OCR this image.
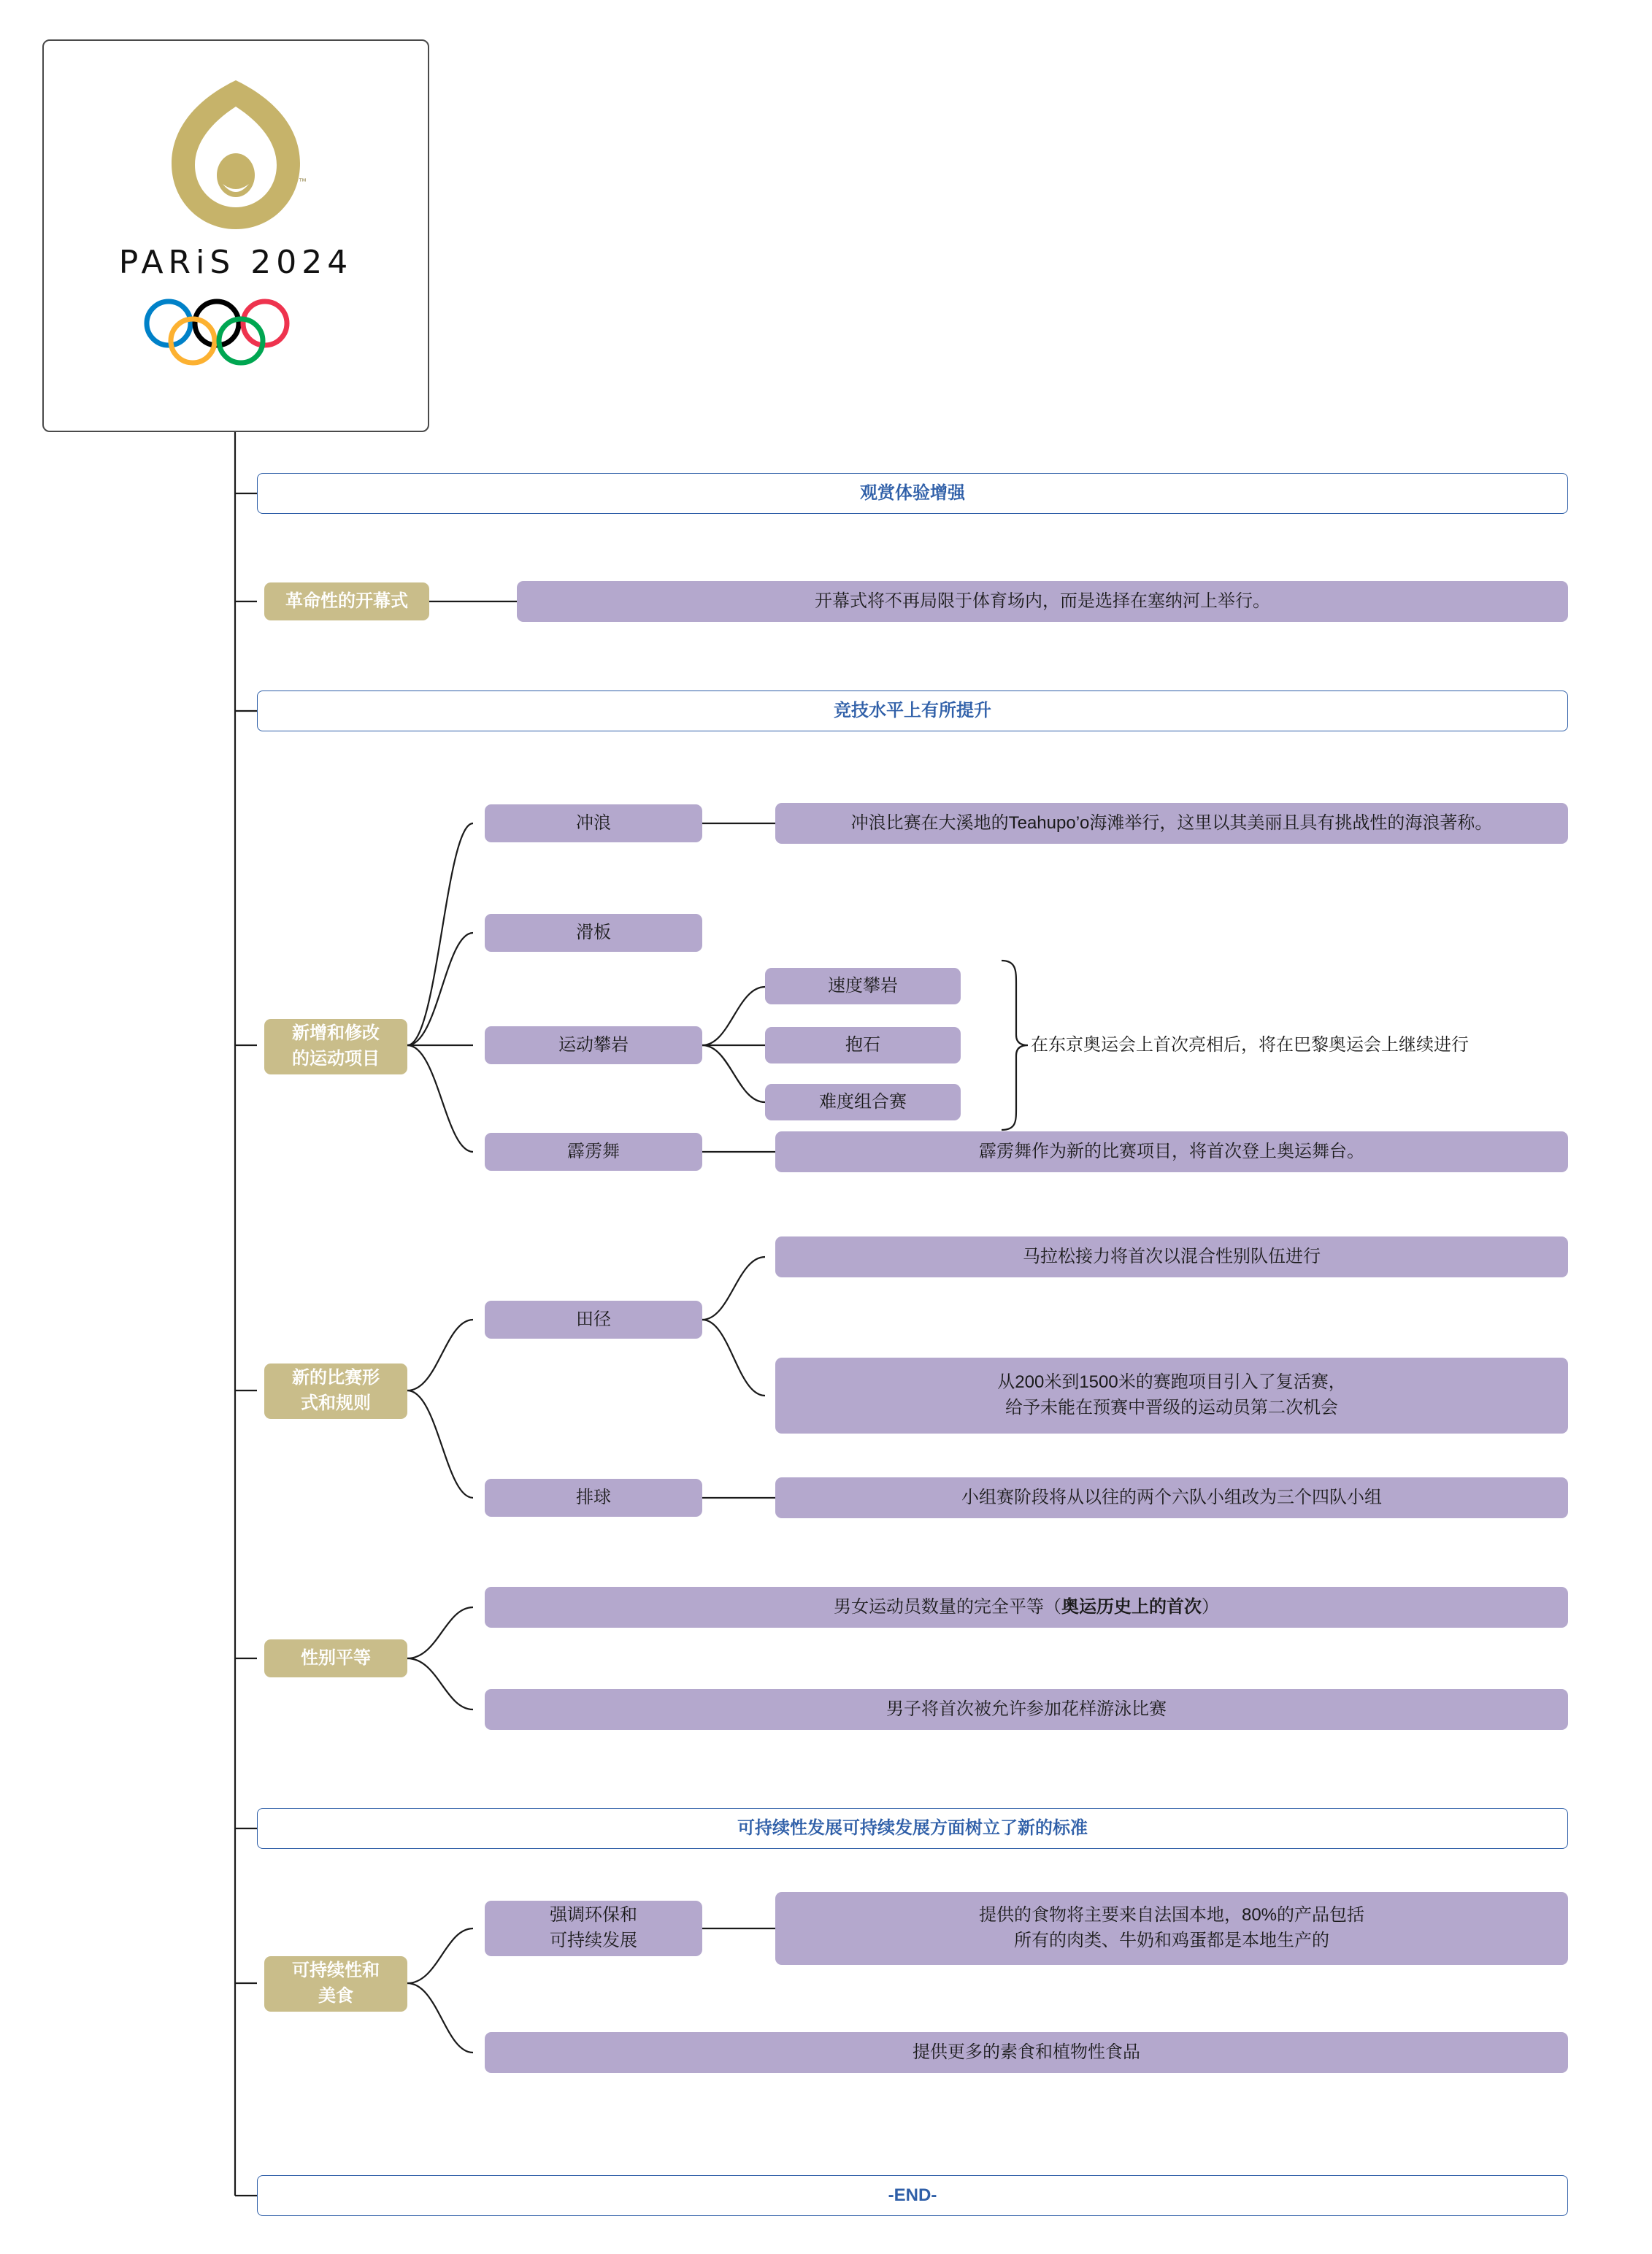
™
PARiS 2024
观赏体验增强
革命性的开幕式	开幕式将不再局限于体育场内，而是选择在塞纳河上举行。
竞技水平上有所提升
新增和修改
的运动项目
冲浪	冲浪比赛在大溪地的Teahupo’o海滩举行，这里以其美丽且具有挑战性的海浪著称。
滑板
运动攀岩
速度攀岩
抱石
难度组合赛
在东京奥运会上首次亮相后，将在巴黎奥运会上继续进行
霹雳舞	霹雳舞作为新的比赛项目，将首次登上奥运舞台。
新的比赛形
式和规则
田径
马拉松接力将首次以混合性别队伍进行
从200米到1500米的赛跑项目引入了复活赛，
给予未能在预赛中晋级的运动员第二次机会
排球	小组赛阶段将从以往的两个六队小组改为三个四队小组
性别平等
男女运动员数量的完全平等（奥运历史上的首次）
男子将首次被允许参加花样游泳比赛
可持续性发展可持续发展方面树立了新的标准
可持续性和
美食
强调环保和
可持续发展
提供的食物将主要来自法国本地，80%的产品包括
所有的肉类、牛奶和鸡蛋都是本地生产的
提供更多的素食和植物性食品
-END-
